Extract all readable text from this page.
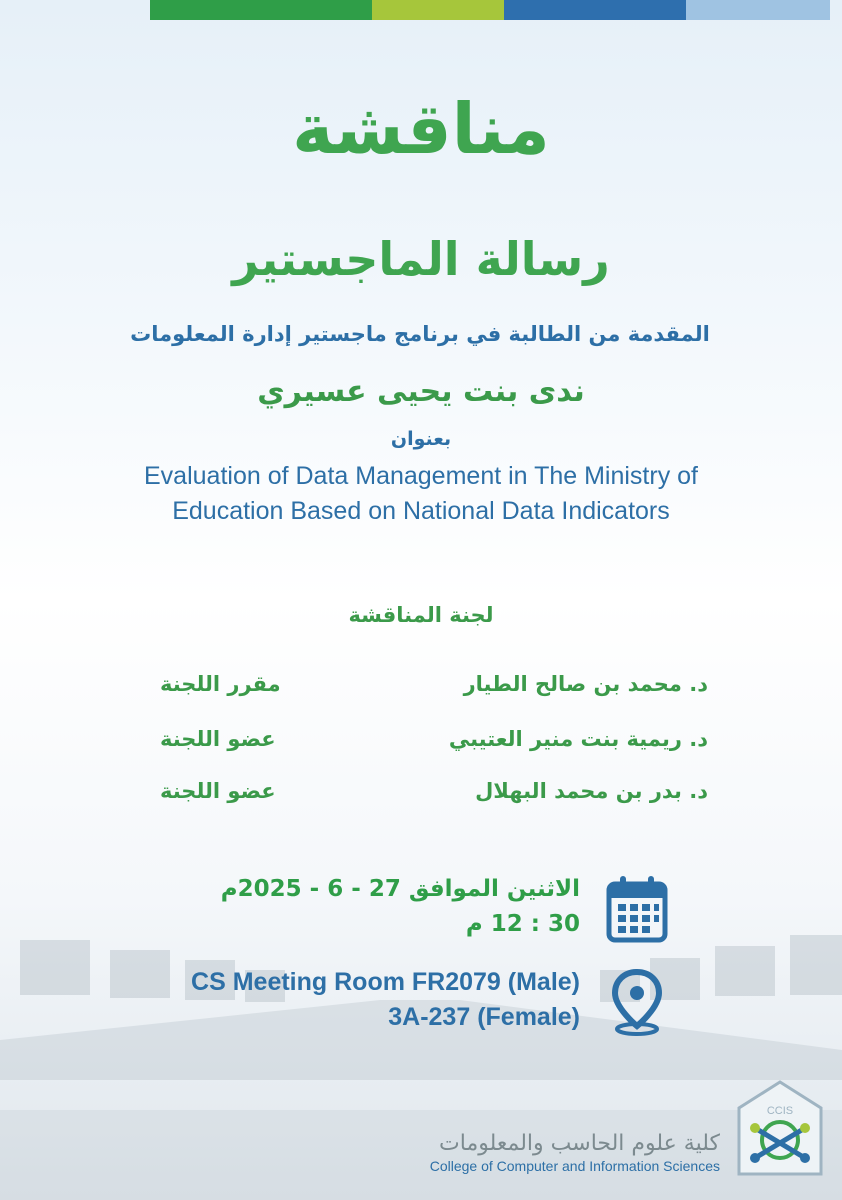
مناقشة
رسالة الماجستير
المقدمة من الطالبة في برنامج ماجستير إدارة المعلومات
ندى بنت يحيى عسيري
بعنوان
Evaluation of Data Management in The Ministry of
Education Based on National Data Indicators
لجنة المناقشة
د. محمد بن صالح الطيار
مقرر اللجنة
د. ريمية بنت منير العتيبي
عضو اللجنة
د. بدر بن محمد البهلال
عضو اللجنة
الاثنين الموافق 27 - 6 - 2025م
30 : 12 م
CS Meeting Room FR2079 (Male)
3A-237 (Female)
كلية علوم الحاسب والمعلومات
College of Computer and Information Sciences
CCIS
